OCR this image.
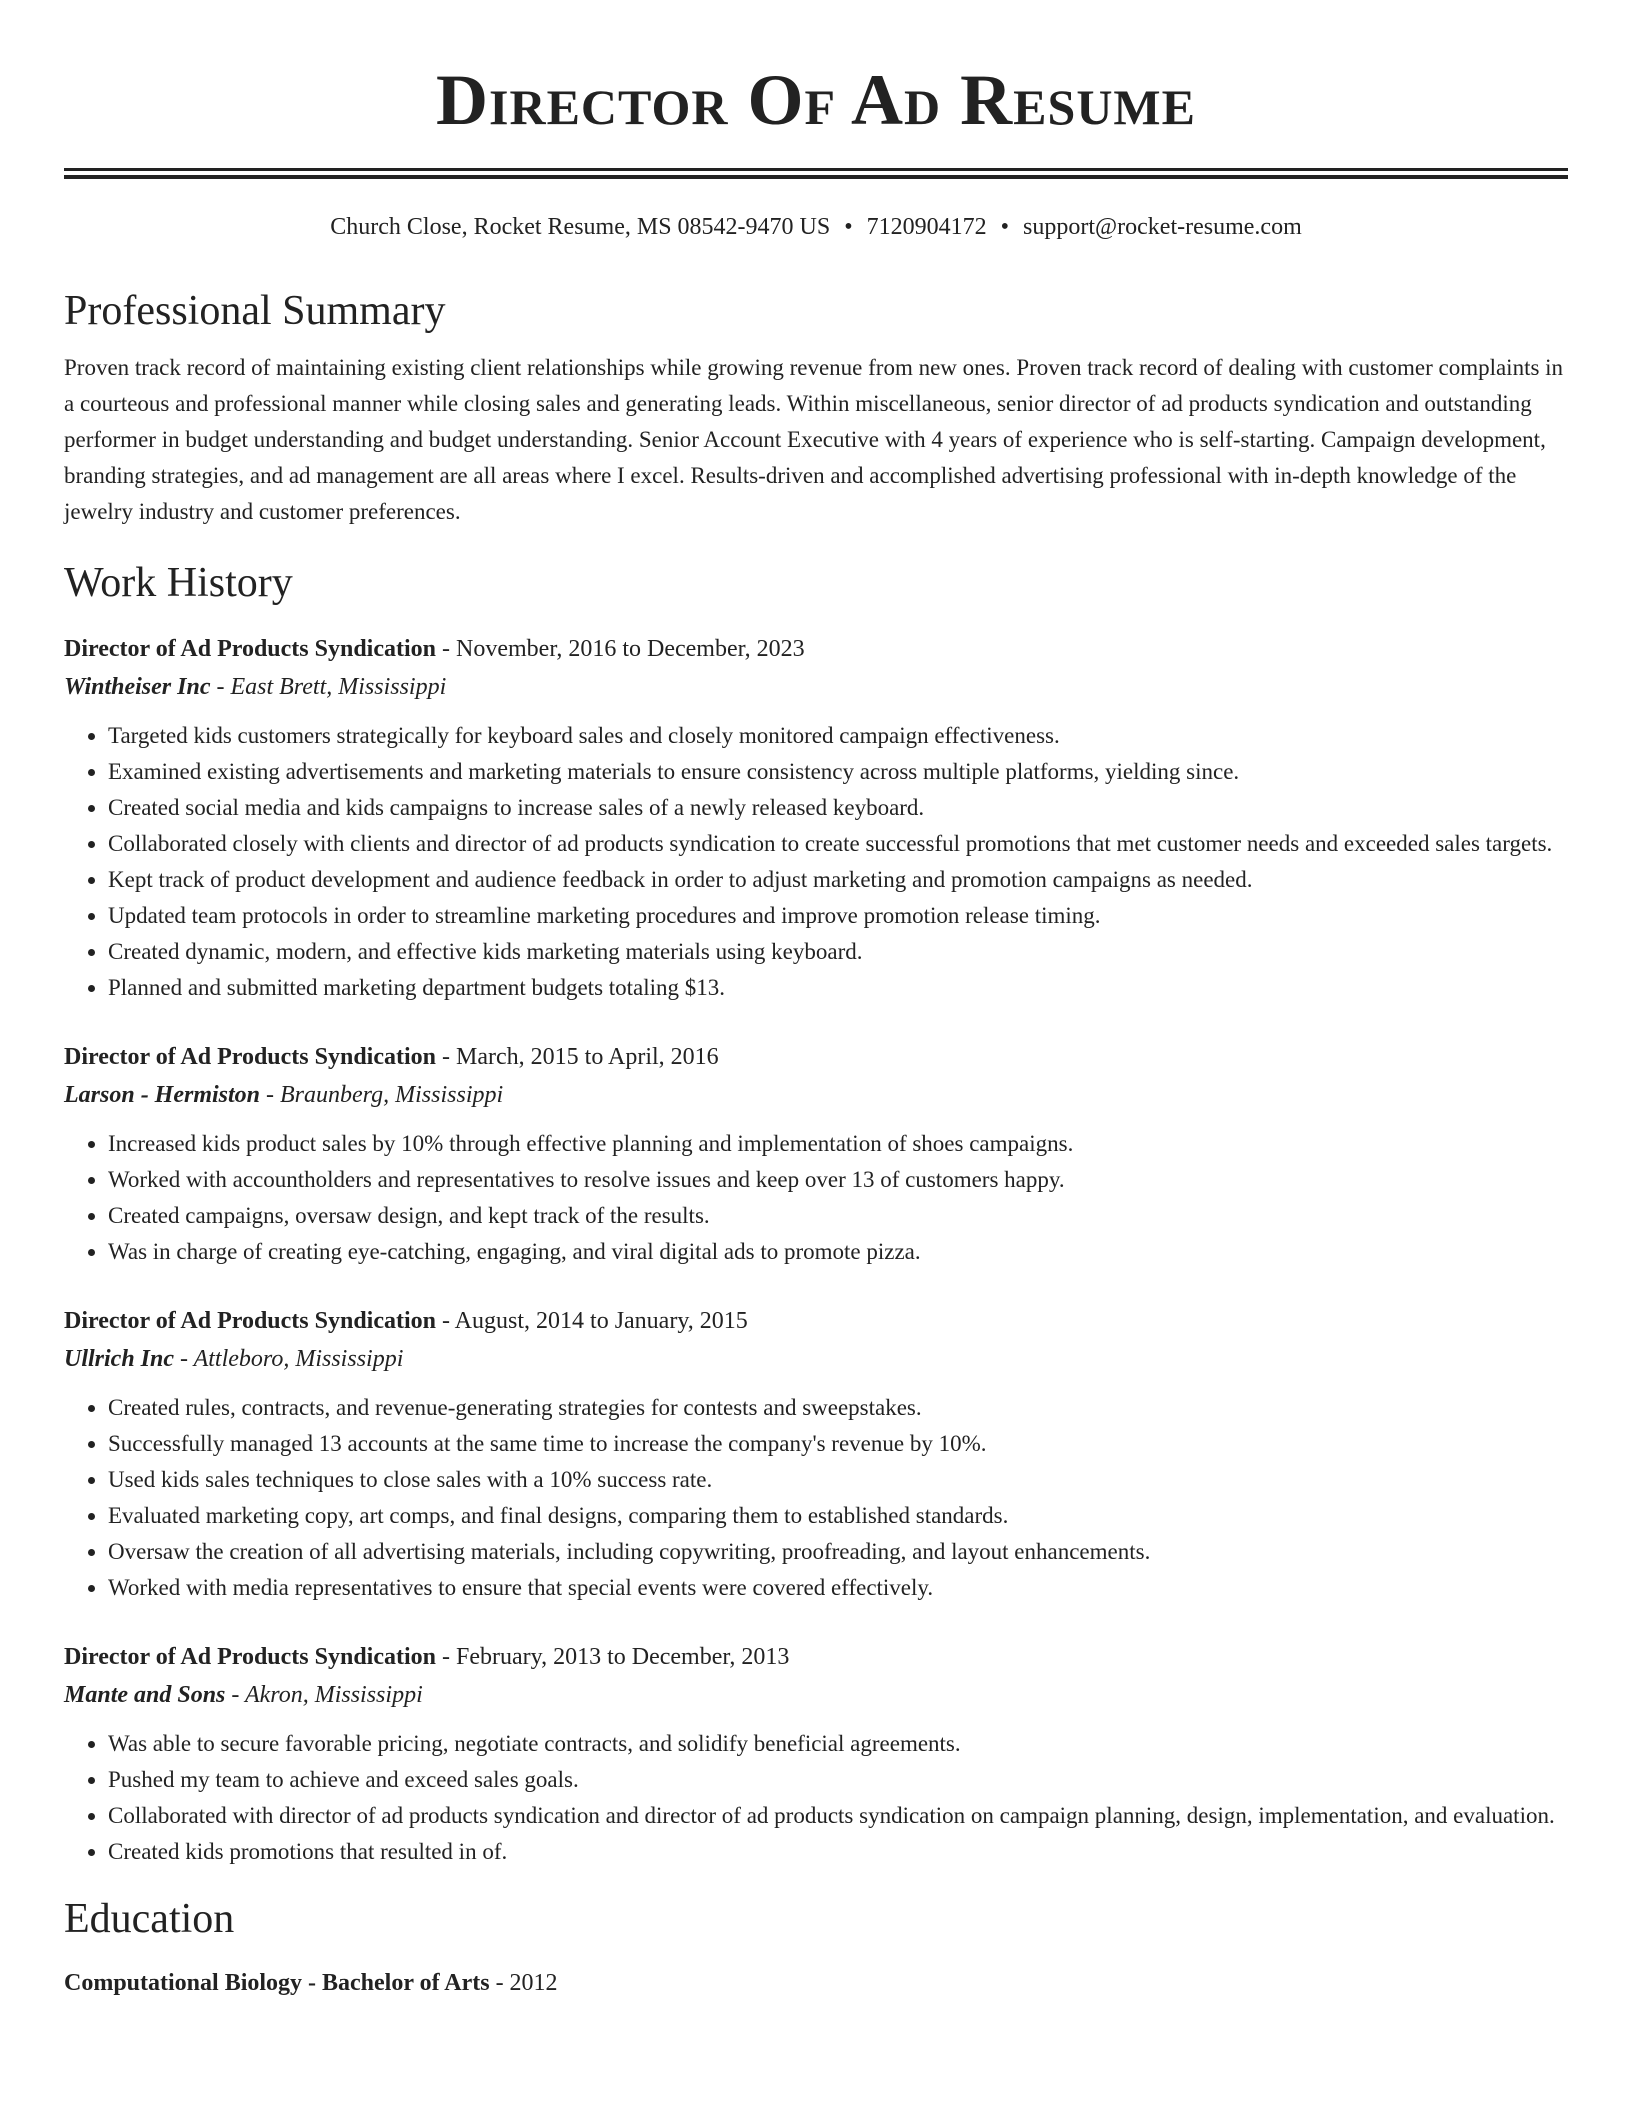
Director Of Ad Resume
Church Close, Rocket Resume, MS 08542-9470 US • 7120904172 • support@rocket-resume.com
Professional Summary
Proven track record of maintaining existing client relationships while growing revenue from new ones. Proven track record of dealing with customer complaints in a courteous and professional manner while closing sales and generating leads. Within miscellaneous, senior director of ad products syndication and outstanding performer in budget understanding and budget understanding. Senior Account Executive with 4 years of experience who is self-starting. Campaign development, branding strategies, and ad management are all areas where I excel. Results-driven and accomplished advertising professional with in-depth knowledge of the jewelry industry and customer preferences.
Work History
Director of Ad Products Syndication - November, 2016 to December, 2023
Wintheiser Inc - East Brett, Mississippi
• Targeted kids customers strategically for keyboard sales and closely monitored campaign effectiveness.
• Examined existing advertisements and marketing materials to ensure consistency across multiple platforms, yielding since.
• Created social media and kids campaigns to increase sales of a newly released keyboard.
• Collaborated closely with clients and director of ad products syndication to create successful promotions that met customer needs and exceeded sales targets.
• Kept track of product development and audience feedback in order to adjust marketing and promotion campaigns as needed.
• Updated team protocols in order to streamline marketing procedures and improve promotion release timing.
• Created dynamic, modern, and effective kids marketing materials using keyboard.
• Planned and submitted marketing department budgets totaling $13.
Director of Ad Products Syndication - March, 2015 to April, 2016
Larson - Hermiston - Braunberg, Mississippi
• Increased kids product sales by 10% through effective planning and implementation of shoes campaigns.
• Worked with accountholders and representatives to resolve issues and keep over 13 of customers happy.
• Created campaigns, oversaw design, and kept track of the results.
• Was in charge of creating eye-catching, engaging, and viral digital ads to promote pizza.
Director of Ad Products Syndication - August, 2014 to January, 2015
Ullrich Inc - Attleboro, Mississippi
• Created rules, contracts, and revenue-generating strategies for contests and sweepstakes.
• Successfully managed 13 accounts at the same time to increase the company's revenue by 10%.
• Used kids sales techniques to close sales with a 10% success rate.
• Evaluated marketing copy, art comps, and final designs, comparing them to established standards.
• Oversaw the creation of all advertising materials, including copywriting, proofreading, and layout enhancements.
• Worked with media representatives to ensure that special events were covered effectively.
Director of Ad Products Syndication - February, 2013 to December, 2013
Mante and Sons - Akron, Mississippi
• Was able to secure favorable pricing, negotiate contracts, and solidify beneficial agreements.
• Pushed my team to achieve and exceed sales goals.
• Collaborated with director of ad products syndication and director of ad products syndication on campaign planning, design, implementation, and evaluation.
• Created kids promotions that resulted in of.
Education
Computational Biology - Bachelor of Arts - 2012
